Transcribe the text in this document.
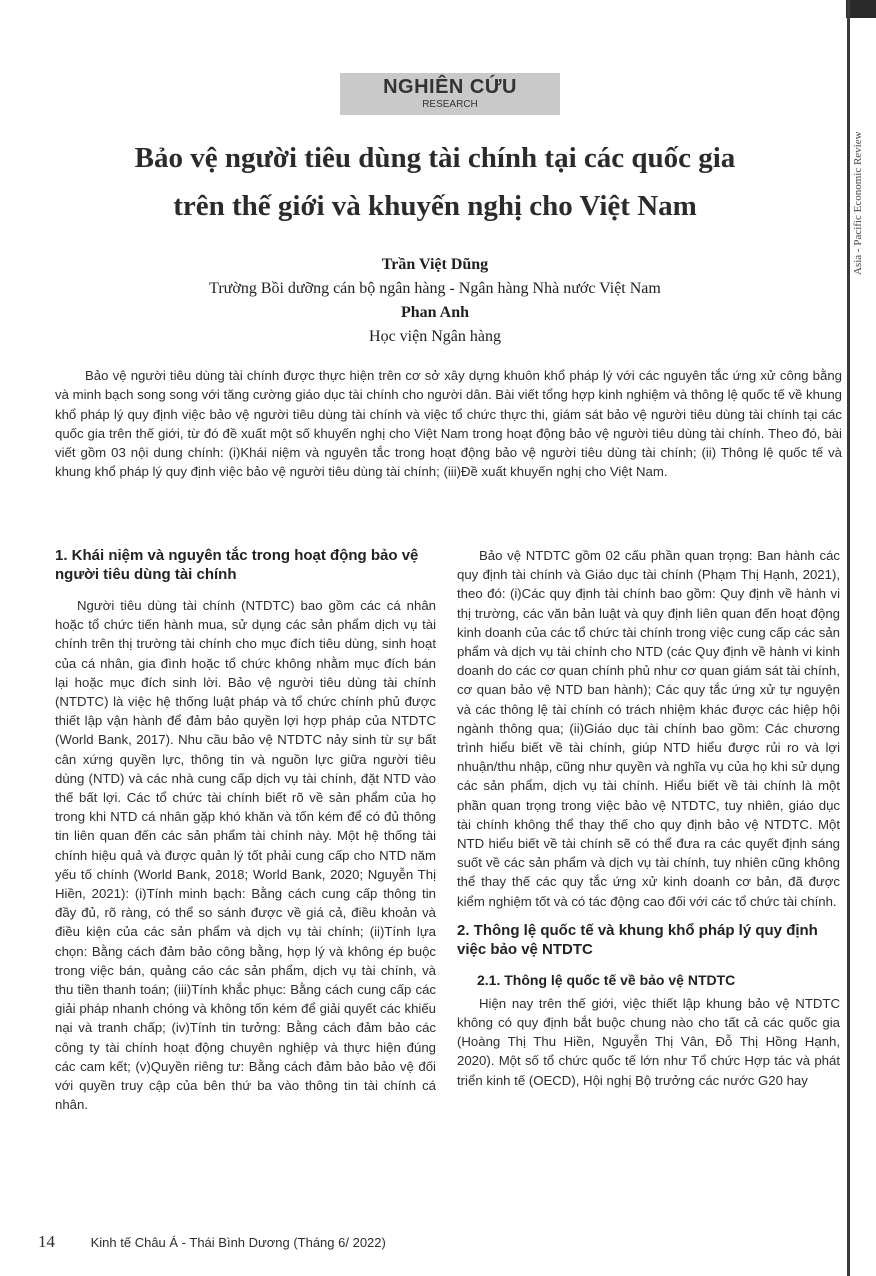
Asia - Pacific Economic Review
NGHIÊN CỨU
RESEARCH
Bảo vệ người tiêu dùng tài chính tại các quốc gia
trên thế giới và khuyến nghị cho Việt Nam
Trần Việt Dũng
Trường Bồi dưỡng cán bộ ngân hàng - Ngân hàng Nhà nước Việt Nam
Phan Anh
Học viện Ngân hàng
Bảo vệ người tiêu dùng tài chính được thực hiện trên cơ sở xây dựng khuôn khổ pháp lý với các nguyên tắc ứng xử công bằng và minh bạch song song với tăng cường giáo dục tài chính cho người dân. Bài viết tổng hợp kinh nghiệm và thông lệ quốc tế về khung khổ pháp lý quy định việc bảo vệ người tiêu dùng tài chính và việc tổ chức thực thi, giám sát bảo vệ người tiêu dùng tài chính tại các quốc gia trên thế giới, từ đó đề xuất một số khuyến nghị cho Việt Nam trong hoạt động bảo vệ người tiêu dùng tài chính. Theo đó, bài viết gồm 03 nội dung chính: (i)Khái niệm và nguyên tắc trong hoạt động bảo vệ người tiêu dùng tài chính; (ii) Thông lệ quốc tế và khung khổ pháp lý quy định việc bảo vệ người tiêu dùng tài chính; (iii)Đề xuất khuyến nghị cho Việt Nam.
1. Khái niệm và nguyên tắc trong hoạt động bảo vệ người tiêu dùng tài chính

Người tiêu dùng tài chính (NTDTC) bao gồm các cá nhân hoặc tổ chức tiến hành mua, sử dụng các sản phẩm dịch vụ tài chính trên thị trường tài chính cho mục đích tiêu dùng, sinh hoạt của cá nhân, gia đình hoặc tổ chức không nhằm mục đích bán lại hoặc mục đích sinh lời. Bảo vệ người tiêu dùng tài chính (NTDTC) là việc hệ thống luật pháp và tổ chức chính phủ được thiết lập vận hành để đảm bảo quyền lợi hợp pháp của NTDTC (World Bank, 2017). Nhu cầu bảo vệ NTDTC nảy sinh từ sự bất cân xứng quyền lực, thông tin và nguồn lực giữa người tiêu dùng (NTD) và các nhà cung cấp dịch vụ tài chính, đặt NTD vào thế bất lợi. Các tổ chức tài chính biết rõ về sản phẩm của họ trong khi NTD cá nhân gặp khó khăn và tốn kém để có đủ thông tin liên quan đến các sản phẩm tài chính này. Một hệ thống tài chính hiệu quả và được quản lý tốt phải cung cấp cho NTD năm yếu tố chính (World Bank, 2018; World Bank, 2020; Nguyễn Thị Hiền, 2021): (i)Tính minh bạch: Bằng cách cung cấp thông tin đầy đủ, rõ ràng, có thể so sánh được về giá cả, điều khoản và điều kiện của các sản phẩm và dịch vụ tài chính; (ii)Tính lựa chọn: Bằng cách đảm bảo công bằng, hợp lý và không ép buộc trong việc bán, quảng cáo các sản phẩm, dịch vụ tài chính, và thu tiền thanh toán; (iii)Tính khắc phục: Bằng cách cung cấp các giải pháp nhanh chóng và không tốn kém để giải quyết các khiếu nại và tranh chấp; (iv)Tính tin tưởng: Bằng cách đảm bảo các công ty tài chính hoạt động chuyên nghiệp và thực hiện đúng các cam kết; (v)Quyền riêng tư: Bằng cách đảm bảo bảo vệ đối với quyền truy cập của bên thứ ba vào thông tin tài chính cá nhân.

Bảo vệ NTDTC gồm 02 cấu phần quan trọng: Ban hành các quy định tài chính và Giáo dục tài chính (Phạm Thị Hạnh, 2021), theo đó: (i)Các quy định tài chính bao gồm: Quy định về hành vi thị trường, các văn bản luật và quy định liên quan đến hoạt động kinh doanh của các tổ chức tài chính trong việc cung cấp các sản phẩm và dịch vụ tài chính cho NTD (các Quy định về hành vi kinh doanh do các cơ quan chính phủ như cơ quan giám sát tài chính, cơ quan bảo vệ NTD ban hành); Các quy tắc ứng xử tự nguyện và các thông lệ tài chính có trách nhiệm khác được các hiệp hội ngành thông qua; (ii)Giáo dục tài chính bao gồm: Các chương trình hiểu biết về tài chính, giúp NTD hiểu được rủi ro và lợi nhuận/thu nhập, cũng như quyền và nghĩa vụ của họ khi sử dụng các sản phẩm, dịch vụ tài chính. Hiểu biết về tài chính là một phần quan trọng trong việc bảo vệ NTDTC, tuy nhiên, giáo dục tài chính không thể thay thế cho quy định bảo vệ NTDTC. Một NTD hiểu biết về tài chính sẽ có thể đưa ra các quyết định sáng suốt về các sản phẩm và dịch vụ tài chính, tuy nhiên cũng không thể thay thế các quy tắc ứng xử kinh doanh cơ bản, đã được kiểm nghiệm tốt và có tác động cao đối với các tổ chức tài chính.

2. Thông lệ quốc tế và khung khổ pháp lý quy định việc bảo vệ NTDTC
2.1. Thông lệ quốc tế về bảo vệ NTDTC

Hiện nay trên thế giới, việc thiết lập khung bảo vệ NTDTC không có quy định bắt buộc chung nào cho tất cả các quốc gia (Hoàng Thị Thu Hiền, Nguyễn Thị Vân, Đỗ Thị Hồng Hạnh, 2020). Một số tổ chức quốc tế lớn như Tổ chức Hợp tác và phát triển kinh tế (OECD), Hội nghị Bộ trưởng các nước G20 hay

14	Kinh tế Châu Á - Thái Bình Dương (Tháng 6/ 2022)
